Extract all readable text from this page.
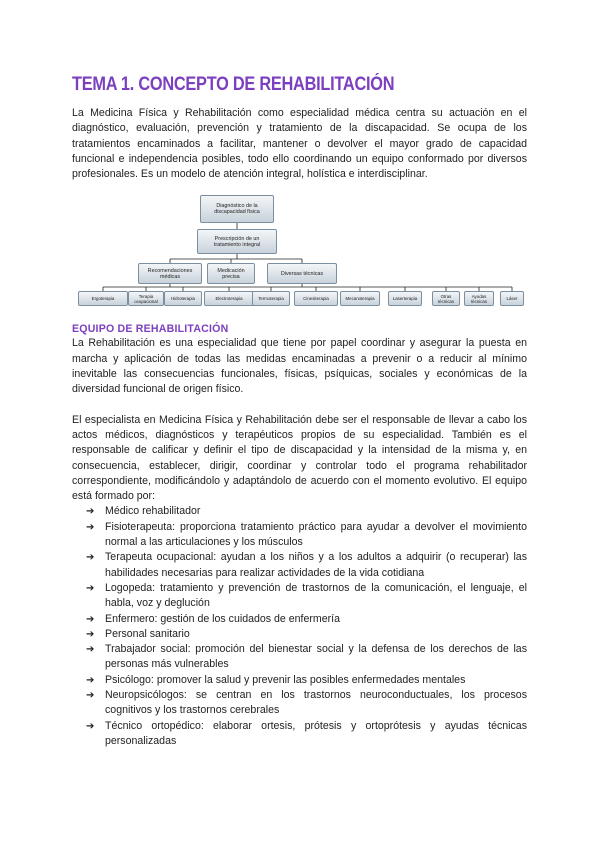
TEMA 1. CONCEPTO DE REHABILITACIÓN

La Medicina Física y Rehabilitación como especialidad médica centra su actuación en el diagnóstico, evaluación, prevención y tratamiento de la discapacidad. Se ocupa de los tratamientos encaminados a facilitar, mantener o devolver el mayor grado de capacidad funcional e independencia posibles, todo ello coordinando un equipo conformado por diversos profesionales. Es un modelo de atención integral, holística e interdisciplinar.

Diagnóstico de la discapacidad física
Prescripción de un tratamiento integral
Recomendaciones médicas
Medicación precisa	Diversas técnicas
Ergoterapia	Terapia ocupacional	Hidroterapia	Electroterapia	Termoterapia	Cinesiterapia	Mecanoterapia	Laserterapia	Otras técnicas
Ayudas técnicas	Láser
EQUIPO DE REHABILITACIÓN

La Rehabilitación es una especialidad que tiene por papel coordinar y asegurar la puesta en marcha y aplicación de todas las medidas encaminadas a prevenir o a reducir al mínimo inevitable las consecuencias funcionales, físicas, psíquicas, sociales y económicas de la diversidad funcional de origen físico.

El especialista en Medicina Física y Rehabilitación debe ser el responsable de llevar a cabo los actos médicos, diagnósticos y terapéuticos propios de su especialidad. También es el responsable de calificar y definir el tipo de discapacidad y la intensidad de la misma y, en consecuencia, establecer, dirigir, coordinar y controlar todo el programa rehabilitador correspondiente, modificándolo y adaptándolo de acuerdo con el momento evolutivo. El equipo está formado por:

➔ Médico rehabilitador
➔ Fisioterapeuta: proporciona tratamiento práctico para ayudar a devolver el movimiento normal a las articulaciones y los músculos
➔ Terapeuta ocupacional: ayudan a los niños y a los adultos a adquirir (o recuperar) las habilidades necesarias para realizar actividades de la vida cotidiana
➔ Logopeda: tratamiento y prevención de trastornos de la comunicación, el lenguaje, el habla, voz y deglución
➔ Enfermero: gestión de los cuidados de enfermería
➔ Personal sanitario
➔ Trabajador social: promoción del bienestar social y la defensa de los derechos de las personas más vulnerables
➔ Psicólogo: promover la salud y prevenir las posibles enfermedades mentales
➔ Neuropsicólogos: se centran en los trastornos neuroconductuales, los procesos cognitivos y los trastornos cerebrales
➔ Técnico ortopédico: elaborar ortesis, prótesis y ortoprótesis y ayudas técnicas personalizadas
